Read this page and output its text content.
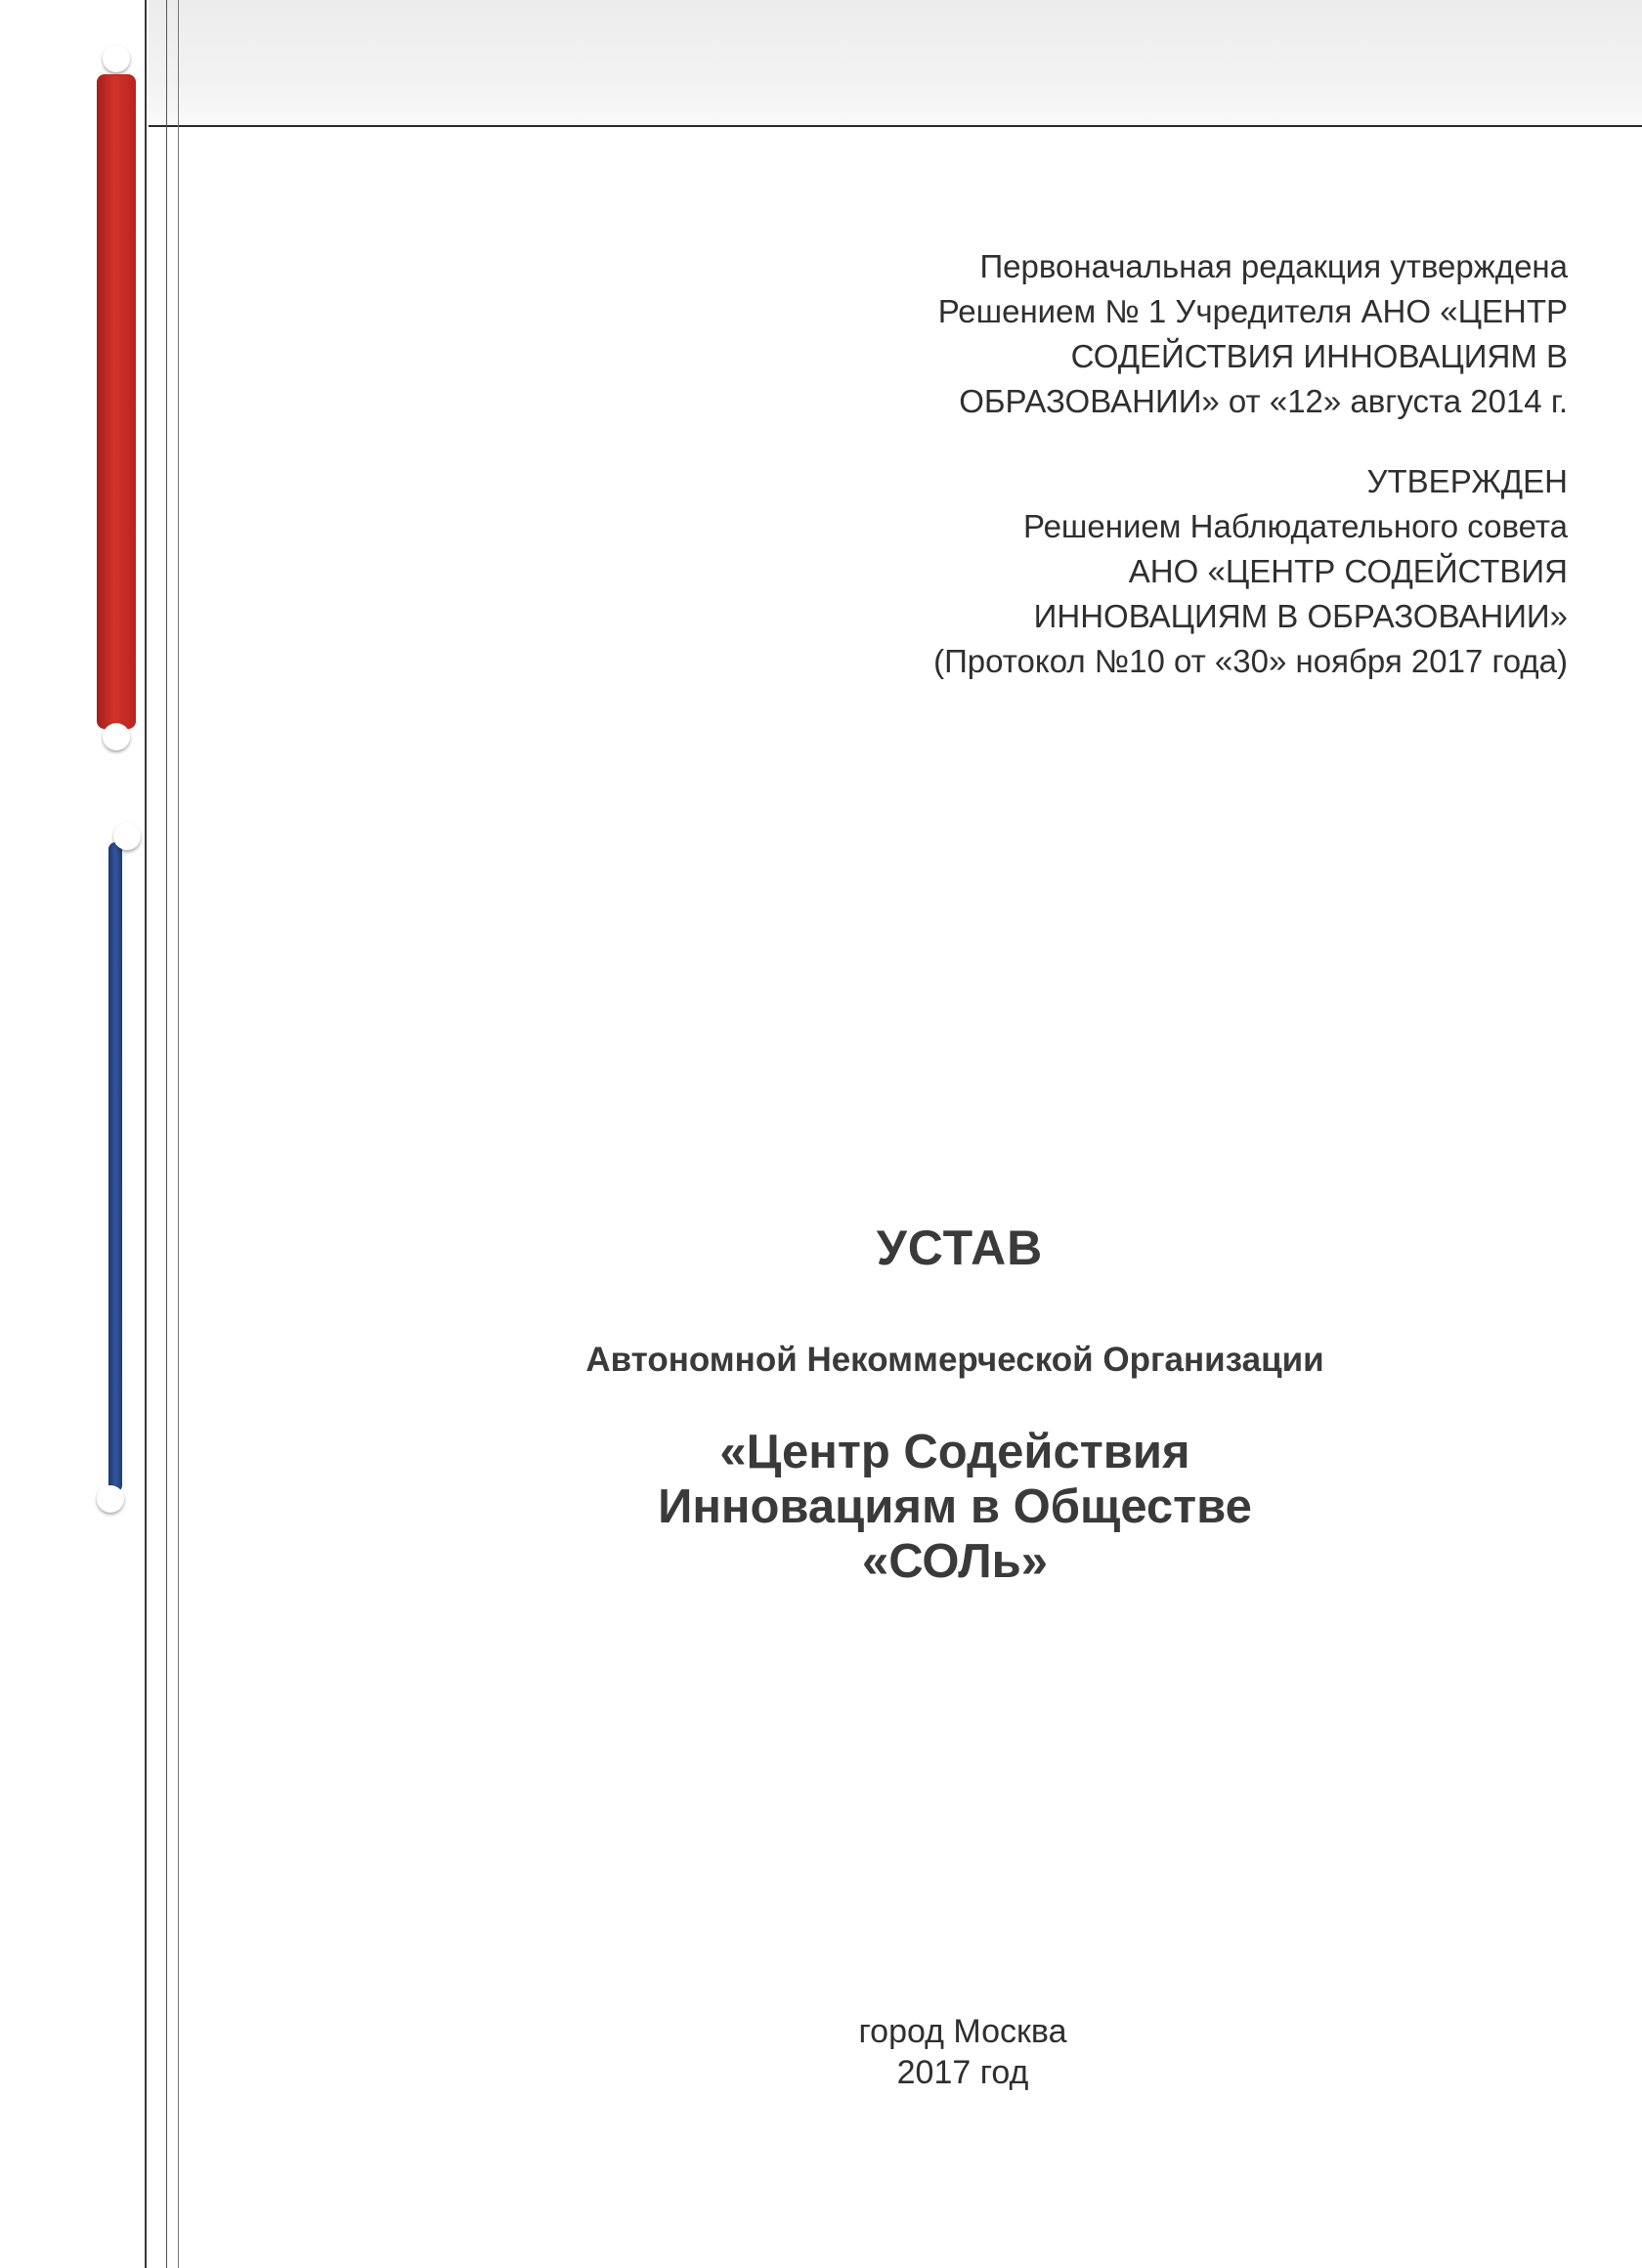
Первоначальная редакция утверждена
Решением № 1 Учредителя АНО «ЦЕНТР
СОДЕЙСТВИЯ ИННОВАЦИЯМ В
ОБРАЗОВАНИИ» от «12» августа 2014 г.
УТВЕРЖДЕН
Решением Наблюдательного совета
АНО «ЦЕНТР СОДЕЙСТВИЯ
ИННОВАЦИЯМ В ОБРАЗОВАНИИ»
(Протокол №10 от «30» ноября 2017 года)
УСТАВ
Автономной Некоммерческой Организации
«Центр Содействия
Инновациям в Обществе
«СОЛь»
город Москва
2017 год
